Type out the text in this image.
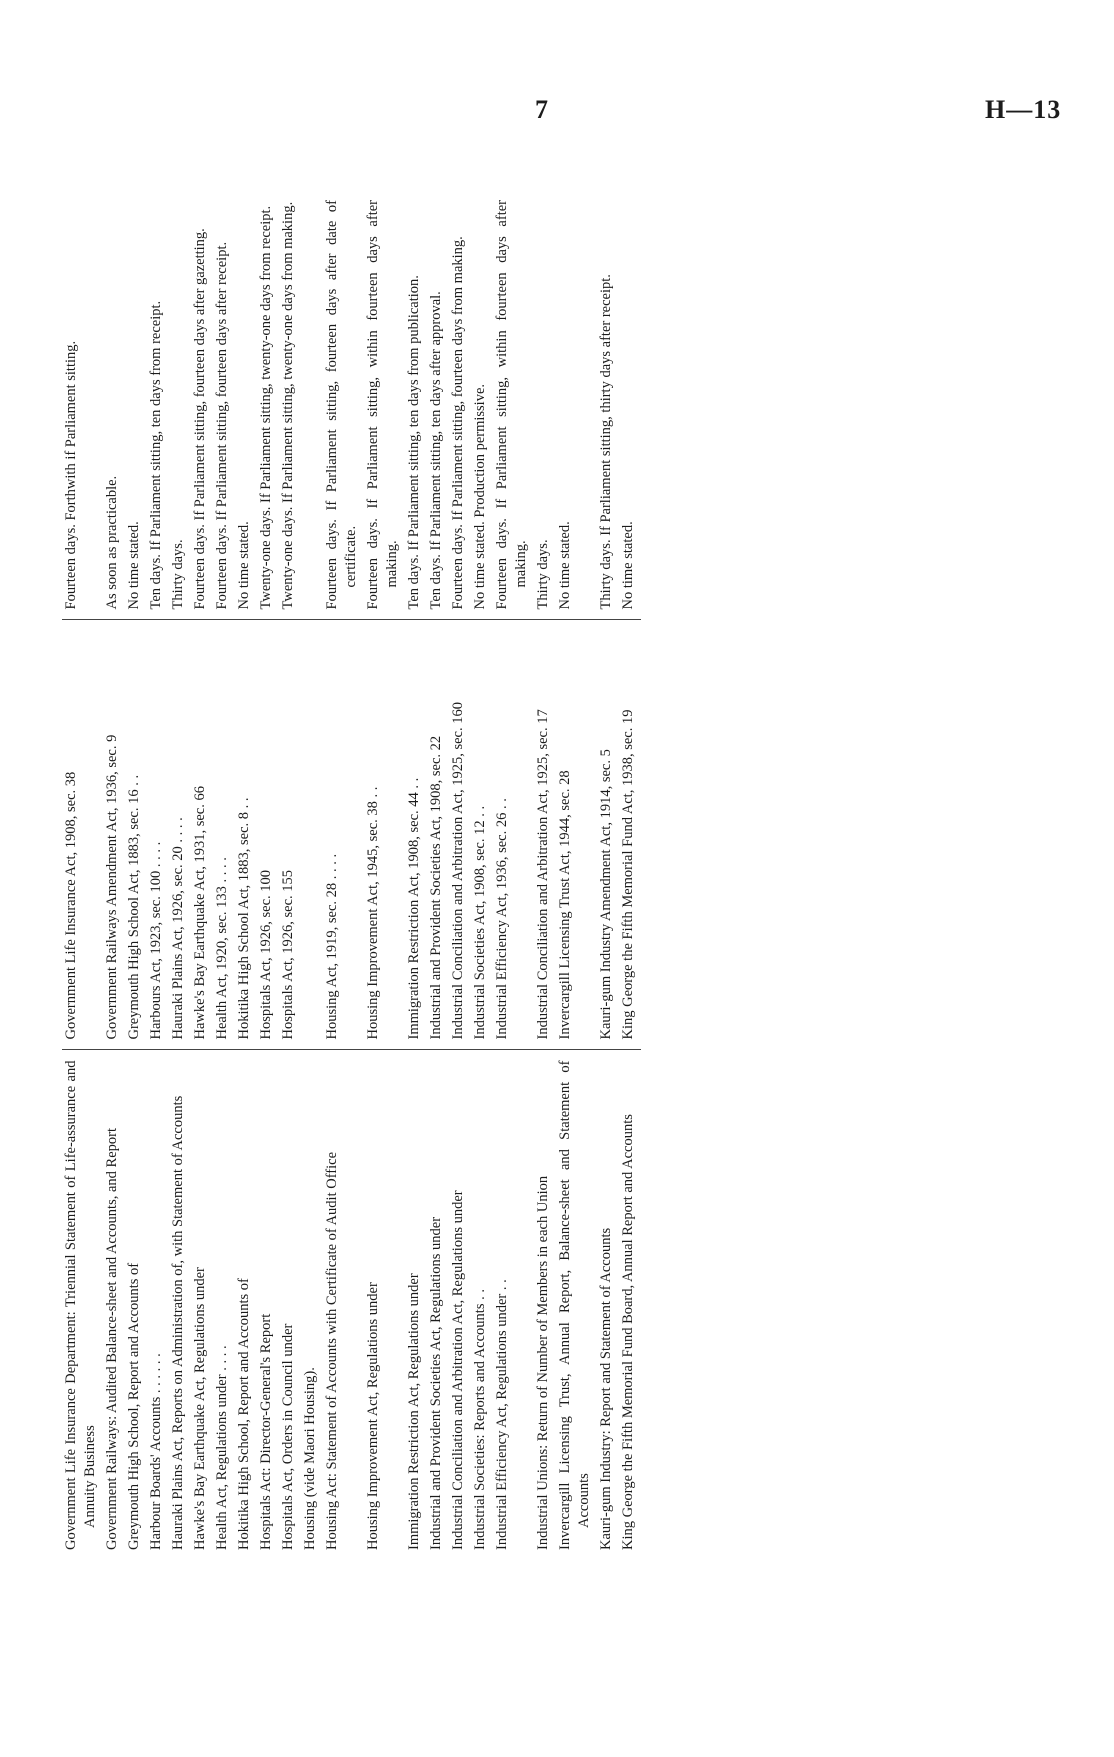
7	H—13
Government Life Insurance Department: Triennial Statement of Life-assurance and Annuity Business	Government Life Insurance Act, 1908, sec. 38	Fourteen days. Forthwith if Parliament sitting.

Government Railways: Audited Balance-sheet and Accounts, and Report	Government Railways Amendment Act, 1936, sec. 9	As soon as practicable.

Greymouth High School, Report and Accounts of	Greymouth High School Act, 1883, sec. 16 . .	No time stated.

Harbour Boards' Accounts . . . . . .	Harbours Act, 1923, sec. 100 . . . .	Ten days. If Parliament sitting, ten days from receipt.

Hauraki Plains Act, Reports on Administration of, with Statement of Accounts	Hauraki Plains Act, 1926, sec. 20 . . . .	Thirty days.

Hawke's Bay Earthquake Act, Regulations under	Hawke's Bay Earthquake Act, 1931, sec. 66	Fourteen days. If Parliament sitting, fourteen days after gazetting.

Health Act, Regulations under . . . .	Health Act, 1920, sec. 133 . . . .	Fourteen days. If Parliament sitting, fourteen days after receipt.

Hokitika High School, Report and Accounts of	Hokitika High School Act, 1883, sec. 8 . .	No time stated.

Hospitals Act: Director-General's Report	Hospitals Act, 1926, sec. 100	Twenty-one days. If Parliament sitting, twenty-one days from receipt.

Hospitals Act, Orders in Council under	Hospitals Act, 1926, sec. 155	Twenty-one days. If Parliament sitting, twenty-one days from making.

Housing (vide Maori Housing).		

Housing Act: Statement of Accounts with Certificate of Audit Office	Housing Act, 1919, sec. 28 . . . .	Fourteen days. If Parliament sitting, fourteen days after date of certificate.

Housing Improvement Act, Regulations under	Housing Improvement Act, 1945, sec. 38 . .	Fourteen days. If Parliament sitting, within fourteen days after making.

Immigration Restriction Act, Regulations under	Immigration Restriction Act, 1908, sec. 44 . .	Ten days. If Parliament sitting, ten days from publication.

Industrial and Provident Societies Act, Regulations under	Industrial and Provident Societies Act, 1908, sec. 22	Ten days. If Parliament sitting, ten days after approval.

Industrial Conciliation and Arbitration Act, Regulations under	Industrial Conciliation and Arbitration Act, 1925, sec. 160	Fourteen days. If Parliament sitting, fourteen days from making.

Industrial Societies: Reports and Accounts . .	Industrial Societies Act, 1908, sec. 12 . .	No time stated. Production permissive.

Industrial Efficiency Act, Regulations under . .	Industrial Efficiency Act, 1936, sec. 26 . .	Fourteen days. If Parliament sitting, within fourteen days after making.

Industrial Unions: Return of Number of Members in each Union	Industrial Conciliation and Arbitration Act, 1925, sec. 17	Thirty days.

Invercargill Licensing Trust, Annual Report, Balance-sheet and Statement of Accounts	Invercargill Licensing Trust Act, 1944, sec. 28	No time stated.

Kauri-gum Industry: Report and Statement of Accounts	Kauri-gum Industry Amendment Act, 1914, sec. 5	Thirty days. If Parliament sitting, thirty days after receipt.

King George the Fifth Memorial Fund Board, Annual Report and Accounts	King George the Fifth Memorial Fund Act, 1938, sec. 19	No time stated.
